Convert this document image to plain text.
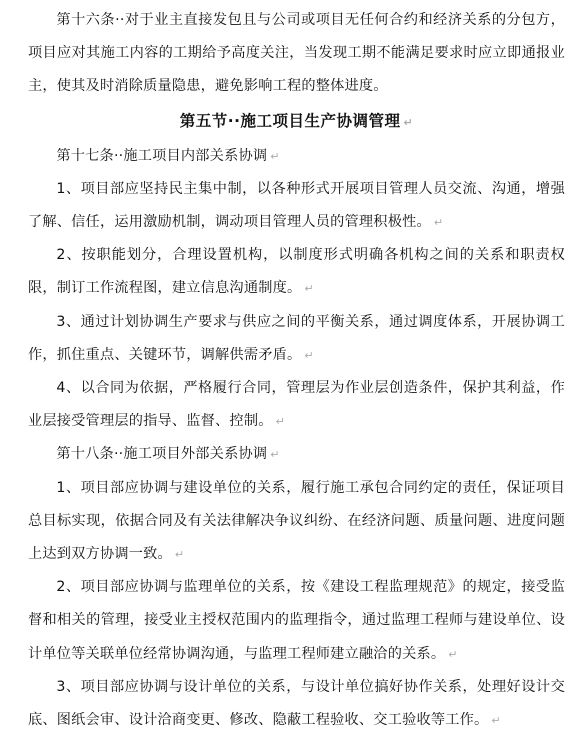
第十六条··对于业主直接发包且与公司或项目无任何合约和经济关系的分包方，项目应对其施工内容的工期给予高度关注，当发现工期不能满足要求时应立即通报业主，使其及时消除质量隐患，避免影响工程的整体进度。

第五节··施工项目生产协调管理 ↵

第十七条··施工项目内部关系协调 ↵

1、项目部应坚持民主集中制，以各种形式开展项目管理人员交流、沟通，增强了解、信任，运用激励机制，调动项目管理人员的管理积极性。 ↵

2、按职能划分，合理设置机构，以制度形式明确各机构之间的关系和职责权限，制订工作流程图，建立信息沟通制度。 ↵

3、通过计划协调生产要求与供应之间的平衡关系，通过调度体系，开展协调工作，抓住重点、关键环节，调解供需矛盾。 ↵

4、以合同为依据，严格履行合同，管理层为作业层创造条件，保护其利益，作业层接受管理层的指导、监督、控制。 ↵

第十八条··施工项目外部关系协调 ↵

1、项目部应协调与建设单位的关系，履行施工承包合同约定的责任，保证项目总目标实现，依据合同及有关法律解决争议纠纷、在经济问题、质量问题、进度问题上达到双方协调一致。 ↵

2、项目部应协调与监理单位的关系，按《建设工程监理规范》的规定，接受监督和相关的管理，接受业主授权范围内的监理指令，通过监理工程师与建设单位、设计单位等关联单位经常协调沟通，与监理工程师建立融洽的关系。 ↵

3、项目部应协调与设计单位的关系，与设计单位搞好协作关系，处理好设计交底、图纸会审、设计洽商变更、修改、隐蔽工程验收、交工验收等工作。 ↵
